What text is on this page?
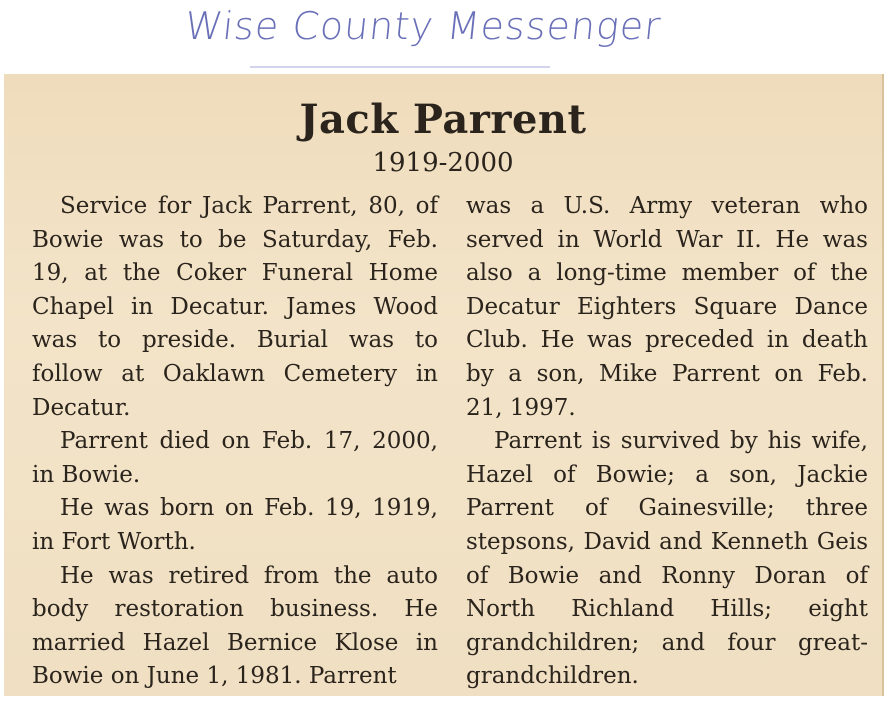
Wise County Messenger
Jack Parrent
1919-2000

Service for Jack Parrent, 80, of Bowie was to be Saturday, Feb. 19, at the Coker Funeral Home Chapel in Decatur. James Wood was to preside. Burial was to follow at Oaklawn Cemetery in Decatur.

Parrent died on Feb. 17, 2000, in Bowie.

He was born on Feb. 19, 1919, in Fort Worth.

He was retired from the auto body restoration business. He married Hazel Bernice Klose in Bowie on June 1, 1981. Parrent

was a U.S. Army veteran who served in World War II. He was also a long-time member of the Decatur Eighters Square Dance Club. He was preceded in death by a son, Mike Parrent on Feb. 21, 1997.

Parrent is survived by his wife, Hazel of Bowie; a son, Jackie Parrent of Gainesville; three stepsons, David and Kenneth Geis of Bowie and Ronny Doran of North Richland Hills; eight grandchildren; and four great-grandchildren.
